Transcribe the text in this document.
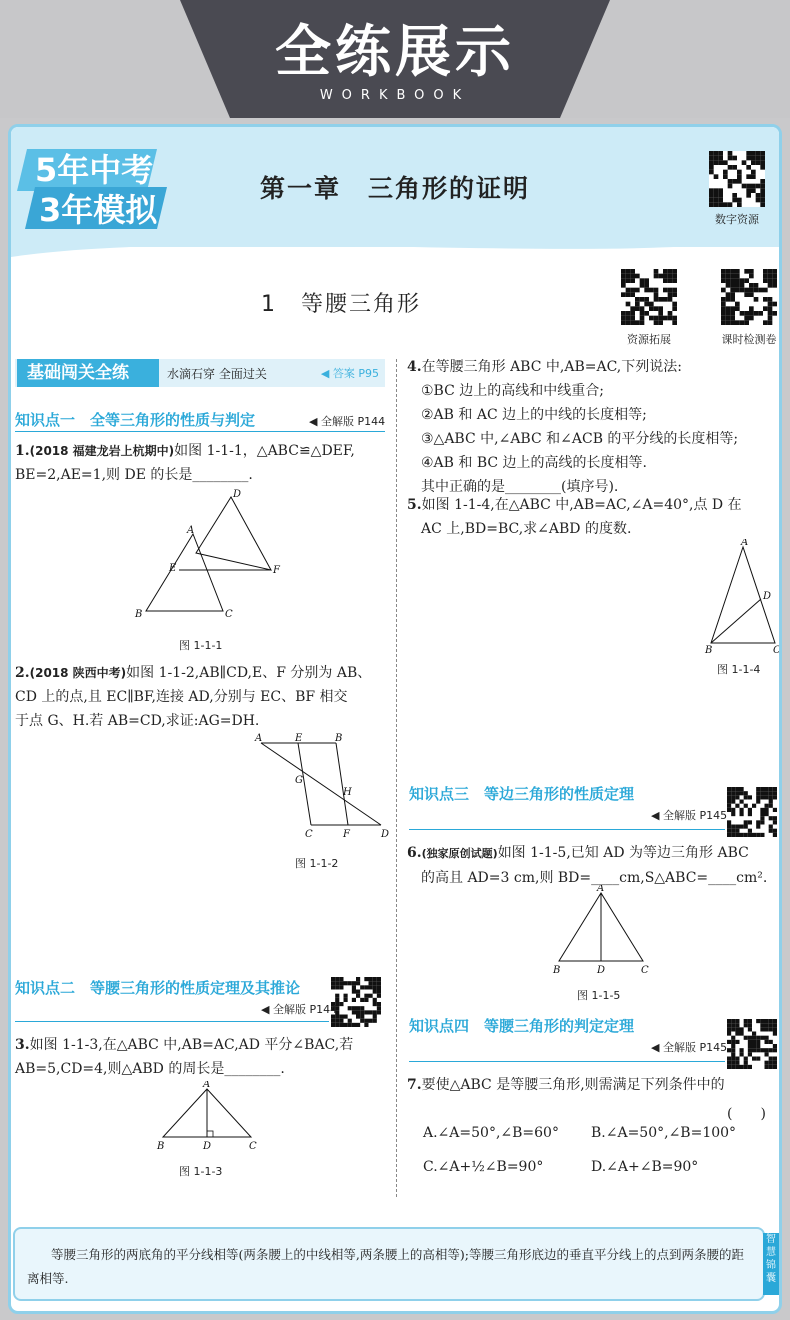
全练展示
WORKBOOK
5年中考
3年模拟
第一章　三角形的证明
数字资源
1　等腰三角形
资源拓展	课时检测卷
基础闯关全练	水滴石穿 全面过关	◀ 答案 P95
知识点一　全等三角形的性质与判定	◀ 全解版 P144
1.(2018 福建龙岩上杭期中)如图 1-1-1，△ABC≌△DEF,
BE=2,AE=1,则 DE 的长是________.
D
A
E	F
B	C
图 1-1-1
2.(2018 陕西中考)如图 1-1-2,AB∥CD,E、F 分别为 AB、
CD 上的点,且 EC∥BF,连接 AD,分别与 EC、BF 相交
于点 G、H.若 AB=CD,求证:AG=DH.
A	E	B
G
H
C	F	D
图 1-1-2
知识点二　等腰三角形的性质定理及其推论
◀ 全解版 P144
3.如图 1-1-3,在△ABC 中,AB=AC,AD 平分∠BAC,若
AB=5,CD=4,则△ABD 的周长是________.
A
B	D	C
图 1-1-3
4.在等腰三角形 ABC 中,AB=AC,下列说法:
①BC 边上的高线和中线重合;
②AB 和 AC 边上的中线的长度相等;
③△ABC 中,∠ABC 和∠ACB 的平分线的长度相等;
④AB 和 BC 边上的高线的长度相等.
其中正确的是________(填序号).
5.如图 1-1-4,在△ABC 中,AB=AC,∠A=40°,点 D 在
AC 上,BD=BC,求∠ABD 的度数.
A
D
B	C
图 1-1-4
知识点三　等边三角形的性质定理
◀ 全解版 P145
6.(独家原创试题)如图 1-1-5,已知 AD 为等边三角形 ABC
的高且 AD=3 cm,则 BD=____cm,S△ABC=____cm².
A
B	D	C
图 1-1-5
知识点四　等腰三角形的判定定理
◀ 全解版 P145
7.要使△ABC 是等腰三角形,则需满足下列条件中的
(　　)
A.∠A=50°,∠B=60° B.∠A=50°,∠B=100°
C.∠A+½∠B=90°	D.∠A+∠B=90°
等腰三角形的两底角的平分线相等(两条腰上的中线相等,两条腰上的高相等);等腰三角形底边的垂直平分线上的点到两条腰的距离相等.
智慧锦囊
